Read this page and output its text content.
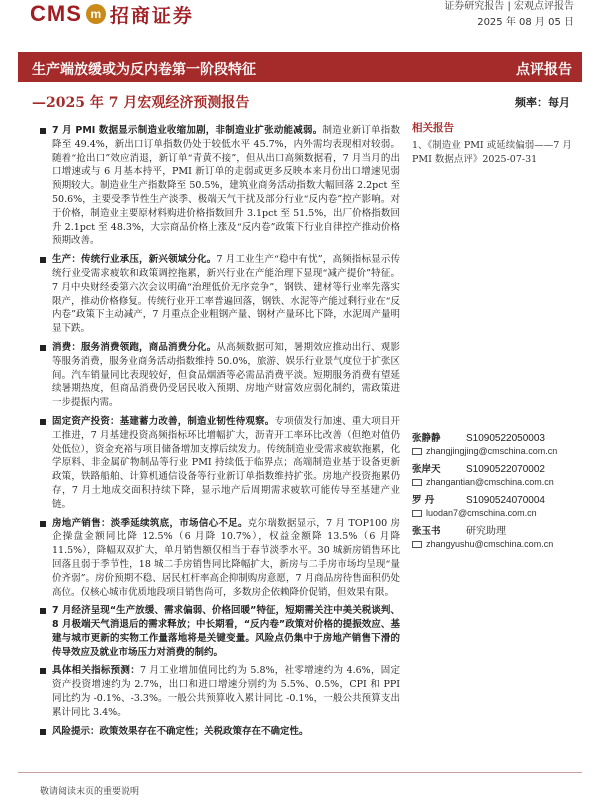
CMS m 招商证券	证券研究报告 | 宏观点评报告
2025 年 08 月 05 日
生产端放缓或为反内卷第一阶段特征	点评报告
—2025 年 7 月宏观经济预测报告	频率：每月
7 月 PMI 数据显示制造业收缩加剧，非制造业扩张动能减弱。制造业新订单指数降至 49.4%，新出口订单指数仍处于较低水平 45.7%，内外需均表现相对较弱。随着“抢出口”效应消退，新订单“青黄不接”，但从出口高频数据看，7 月当月的出口增速或与 6 月基本持平，PMI 新订单的走弱或更多反映本来月份出口增速见弱预期较大。制造业生产指数降至 50.5%，建筑业商务活动指数大幅回落 2.2pct 至 50.6%，主要受季节性生产淡季、极端天气干扰及部分行业“反内卷”控产影响。对于价格，制造业主要原材料购进价格指数回升 3.1pct 至 51.5%，出厂价格指数回升 2.1pct 至 48.3%，大宗商品价格上涨及“反内卷”政策下行业自律控产推动价格预期改善。
生产：传统行业承压，新兴领域分化。7 月工业生产“稳中有忧”，高频指标显示传统行业受需求疲软和政策调控拖累，新兴行业在产能治理下显现“减产提价”特征。7 月中央财经委第六次会议明确“治理低价无序竞争”，钢铁、建材等行业率先落实限产，推动价格修复。传统行业开工率普遍回落，钢铁、水泥等产能过剩行业在“反内卷”政策下主动减产，7 月重点企业粗钢产量、钢材产量环比下降，水泥周产量明显下跌。
消费：服务消费领跑，商品消费分化。从高频数据可知，暑期效应推动出行、观影等服务消费，服务业商务活动指数维持 50.0%，旅游、娱乐行业景气度位于扩张区间。汽车销量同比表现较好，但食品烟酒等必需品消费平淡。短期服务消费有望延续暑期热度，但商品消费仍受居民收入预期、房地产财富效应弱化制约，需政策进一步提振内需。
固定资产投资：基建蓄力改善，制造业韧性待观察。专项债发行加速、重大项目开工推进，7 月基建投资高频指标环比增幅扩大，沥青开工率环比改善（但绝对值仍处低位），资金充裕与项目储备增加支撑后续发力。传统制造业受需求疲软拖累，化学原料、非金属矿物制品等行业 PMI 持续低于临界点；高端制造业基于设备更新政策，铁路船舶、计算机通信设备等行业新订单指数维持扩张。房地产投资拖累仍存，7 月土地成交面积持续下降，显示地产后周期需求疲软可能传导至基建产业链。
房地产销售：淡季延续筑底，市场信心不足。克尔瑞数据显示，7 月 TOP100 房企操盘金额同比降 12.5%（6 月降 10.7%），权益金额降 13.5%（6 月降 11.5%），降幅双双扩大，单月销售额仅相当于春节淡季水平。30 城新房销售环比回落且弱于季节性，18 城二手房销售同比降幅扩大，新房与二手房市场均呈现“量价齐弱”。房价预期不稳、居民杠杆率高企抑制购房意愿，7 月商品房待售面积仍处高位。仅核心城市优质地段项目销售尚可，多数房企依赖降价促销，但效果有限。
7 月经济呈现“生产放缓、需求偏弱、价格回暖”特征，短期需关注中美关税谈判、8 月极端天气消退后的需求释放；中长期看，“反内卷”政策对价格的提振效应、基建与城市更新的实物工作量落地将是关键变量。风险点仍集中于房地产销售下滑的传导效应及就业市场压力对消费的制约。
具体相关指标预测：7 月工业增加值同比约为 5.8%，社零增速约为 4.6%，固定资产投资增速约为 2.7%，出口和进口增速分别约为 5.5%、0.5%，CPI 和 PPI 同比约为 -0.1%、-3.3%。一般公共预算收入累计同比 -0.1%，一般公共预算支出累计同比 3.4%。
风险提示：政策效果存在不确定性；关税政策存在不确定性。
相关报告
1、《制造业 PMI 或延续偏弱——7 月 PMI 数据点评》2025-07-31
张静静	S1090522050003
zhangjingjing@cmschina.com.cn
张岸天	S1090522070002
zhangantian@cmschina.com.cn
罗 丹	S1090524070004
luodan7@cmschina.com.cn
张玉书	研究助理
zhangyushu@cmschina.com.cn
敬请阅读末页的重要说明
